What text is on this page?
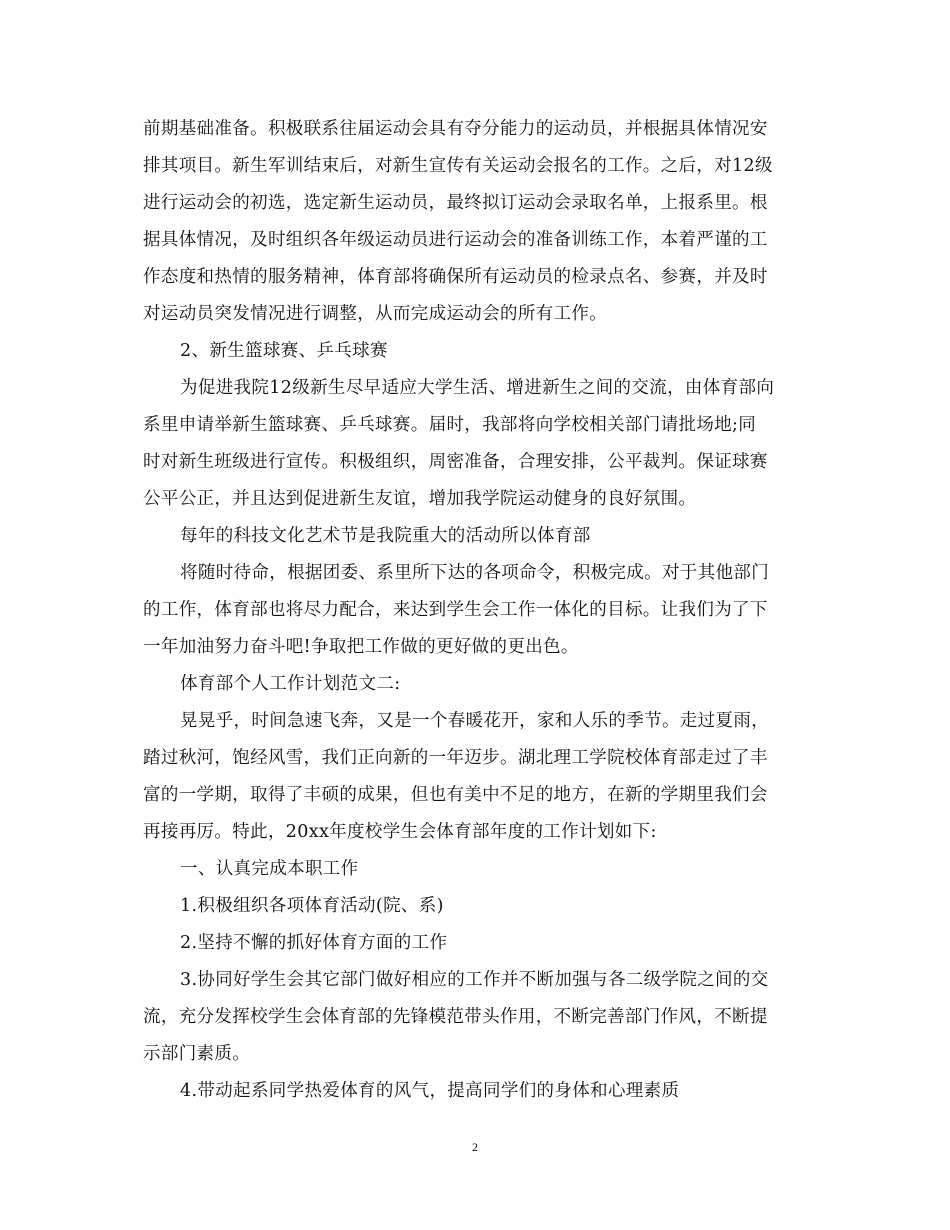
前期基础准备。积极联系往届运动会具有夺分能力的运动员，并根据具体情况安
排其项目。新生军训结束后，对新生宣传有关运动会报名的工作。之后，对12级
进行运动会的初选，选定新生运动员，最终拟订运动会录取名单，上报系里。根
据具体情况，及时组织各年级运动员进行运动会的准备训练工作，本着严谨的工
作态度和热情的服务精神，体育部将确保所有运动员的检录点名、参赛，并及时
对运动员突发情况进行调整，从而完成运动会的所有工作。
2、新生篮球赛、乒乓球赛
为促进我院12级新生尽早适应大学生活、增进新生之间的交流，由体育部向
系里申请举新生篮球赛、乒乓球赛。届时，我部将向学校相关部门请批场地;同
时对新生班级进行宣传。积极组织，周密准备，合理安排，公平裁判。保证球赛
公平公正，并且达到促进新生友谊，增加我学院运动健身的良好氛围。
每年的科技文化艺术节是我院重大的活动所以体育部
将随时待命，根据团委、系里所下达的各项命令，积极完成。对于其他部门
的工作，体育部也将尽力配合，来达到学生会工作一体化的目标。让我们为了下
一年加油努力奋斗吧!争取把工作做的更好做的更出色。
体育部个人工作计划范文二:
晃晃乎，时间急速飞奔，又是一个春暖花开，家和人乐的季节。走过夏雨，
踏过秋河，饱经风雪，我们正向新的一年迈步。湖北理工学院校体育部走过了丰
富的一学期，取得了丰硕的成果，但也有美中不足的地方，在新的学期里我们会
再接再厉。特此，20xx年度校学生会体育部年度的工作计划如下:
一、认真完成本职工作
1.积极组织各项体育活动(院、系)
2.坚持不懈的抓好体育方面的工作
3.协同好学生会其它部门做好相应的工作并不断加强与各二级学院之间的交
流，充分发挥校学生会体育部的先锋模范带头作用，不断完善部门作风，不断提
示部门素质。
4.带动起系同学热爱体育的风气，提高同学们的身体和心理素质
2
